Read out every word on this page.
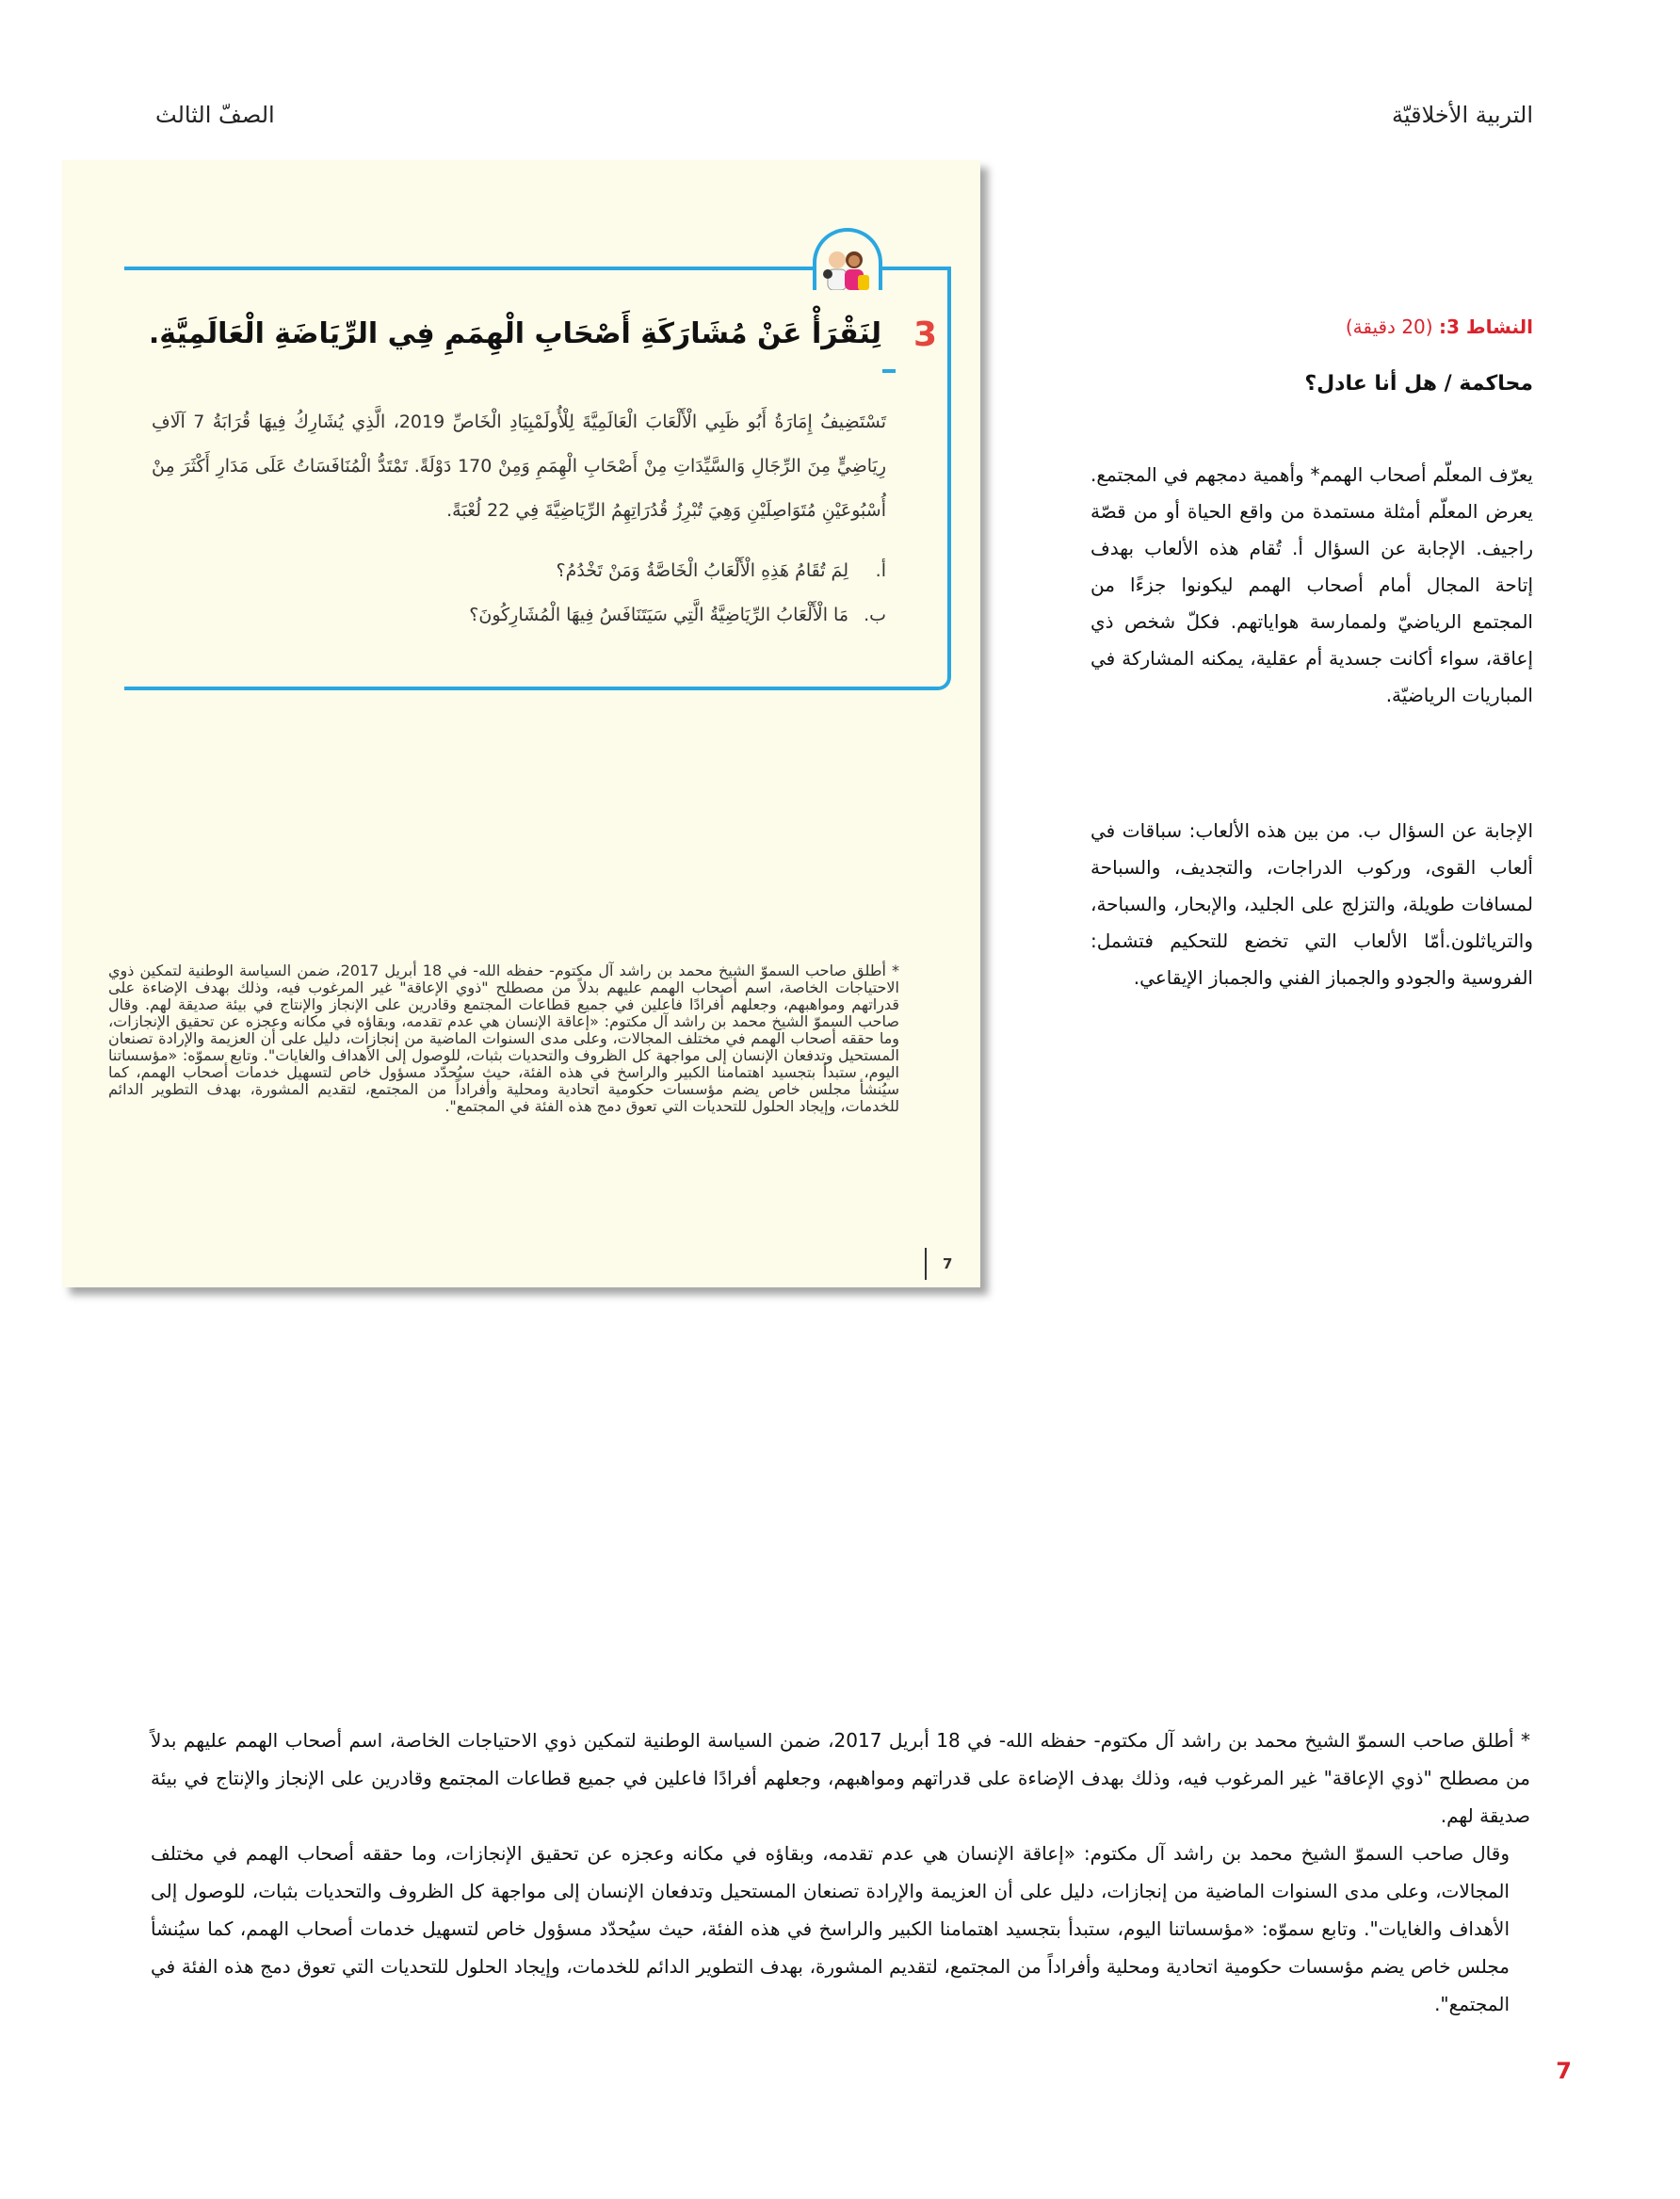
التربية الأخلاقيّة
الصفّ الثالث
3
لِنَقْرَأْ عَنْ مُشَارَكَةِ أَصْحَابِ الْهِمَمِ فِي الرِّيَاضَةِ الْعَالَمِيَّةِ.
تَسْتَضِيفُ إِمَارَةُ أَبُو ظَبِي الْأَلْعَابَ الْعَالَمِيَّةَ لِلْأُولَمْبِيَادِ الْخَاصِّ 2019، الَّذِي يُشَارِكُ فِيهَا قُرَابَةُ 7 آلَافِ رِيَاضِيٍّ مِنَ الرِّجَالِ وَالسَّيِّدَاتِ مِنْ أَصْحَابِ الْهِمَمِ وَمِنْ 170 دَوْلَةً. تَمْتَدُّ الْمُنَافَسَاتُ عَلَى مَدَارِ أَكْثَرَ مِنْ أُسْبُوعَيْنِ مُتَوَاصِلَيْنِ وَهِيَ تُبْرِزُ قُدُرَاتِهِمُ الرِّيَاضِيَّةَ فِي 22 لُعْبَةً.
أ.لِمَ تُقَامُ هَذِهِ الْأَلْعَابُ الْخَاصَّةُ وَمَنْ تَخْدُمُ؟
ب.مَا الْأَلْعَابُ الرِّيَاضِيَّةُ الَّتِي سَيَتَنَافَسُ فِيهَا الْمُشَارِكُونَ؟
* أطلق صاحب السموّ الشيخ محمد بن راشد آل مكتوم- حفظه الله- في 18 أبريل 2017، ضمن السياسة الوطنية لتمكين ذوي الاحتياجات الخاصة، اسم أصحاب الهمم عليهم بدلاً من مصطلح "ذوي الإعاقة" غير المرغوب فيه، وذلك بهدف الإضاءة على قدراتهم ومواهبهم، وجعلهم أفرادًا فاعلين في جميع قطاعات المجتمع وقادرين على الإنجاز والإنتاج في بيئة صديقة لهم. وقال صاحب السموّ الشيخ محمد بن راشد آل مكتوم: «إعاقة الإنسان هي عدم تقدمه، وبقاؤه في مكانه وعجزه عن تحقيق الإنجازات، وما حققه أصحاب الهمم في مختلف المجالات، وعلى مدى السنوات الماضية من إنجازات، دليل على أن العزيمة والإرادة تصنعان المستحيل وتدفعان الإنسان إلى مواجهة كل الظروف والتحديات بثبات، للوصول إلى الأهداف والغايات". وتابع سموّه: «مؤسساتنا اليوم، ستبدأ بتجسيد اهتمامنا الكبير والراسخ في هذه الفئة، حيث سيُحدّد مسؤول خاص لتسهيل خدمات أصحاب الهمم، كما سيُنشأ مجلس خاص يضم مؤسسات حكومية اتحادية ومحلية وأفراداً من المجتمع، لتقديم المشورة، بهدف التطوير الدائم للخدمات، وإيجاد الحلول للتحديات التي تعوق دمج هذه الفئة في المجتمع".
7
النشاط 3: (20 دقيقة)
محاكمة / هل أنا عادل؟
يعرّف المعلّم أصحاب الهمم* وأهمية دمجهم في المجتمع. يعرض المعلّم أمثلة مستمدة من واقع الحياة أو من قصّة راجيف. الإجابة عن السؤال أ. تُقام هذه الألعاب بهدف إتاحة المجال أمام أصحاب الهمم ليكونوا جزءًا من المجتمع الرياضيّ ولممارسة هواياتهم. فكلّ شخص ذي إعاقة، سواء أكانت جسدية أم عقلية، يمكنه المشاركة في المباريات الرياضيّة.
الإجابة عن السؤال ب. من بين هذه الألعاب: سباقات في ألعاب القوى، وركوب الدراجات، والتجديف، والسباحة لمسافات طويلة، والتزلج على الجليد، والإبحار، والسباحة، والترياثلون.أمّا الألعاب التي تخضع للتحكيم فتشمل: الفروسية والجودو والجمباز الفني والجمباز الإيقاعي.

* أطلق صاحب السموّ الشيخ محمد بن راشد آل مكتوم- حفظه الله- في 18 أبريل 2017، ضمن السياسة الوطنية لتمكين ذوي الاحتياجات الخاصة، اسم أصحاب الهمم عليهم بدلاً من مصطلح "ذوي الإعاقة" غير المرغوب فيه، وذلك بهدف الإضاءة على قدراتهم ومواهبهم، وجعلهم أفرادًا فاعلين في جميع قطاعات المجتمع وقادرين على الإنجاز والإنتاج في بيئة صديقة لهم.

وقال صاحب السموّ الشيخ محمد بن راشد آل مكتوم: «إعاقة الإنسان هي عدم تقدمه، وبقاؤه في مكانه وعجزه عن تحقيق الإنجازات، وما حققه أصحاب الهمم في مختلف المجالات، وعلى مدى السنوات الماضية من إنجازات، دليل على أن العزيمة والإرادة تصنعان المستحيل وتدفعان الإنسان إلى مواجهة كل الظروف والتحديات بثبات، للوصول إلى الأهداف والغايات". وتابع سموّه: «مؤسساتنا اليوم، ستبدأ بتجسيد اهتمامنا الكبير والراسخ في هذه الفئة، حيث سيُحدّد مسؤول خاص لتسهيل خدمات أصحاب الهمم، كما سيُنشأ مجلس خاص يضم مؤسسات حكومية اتحادية ومحلية وأفراداً من المجتمع، لتقديم المشورة، بهدف التطوير الدائم للخدمات، وإيجاد الحلول للتحديات التي تعوق دمج هذه الفئة في المجتمع".

7
